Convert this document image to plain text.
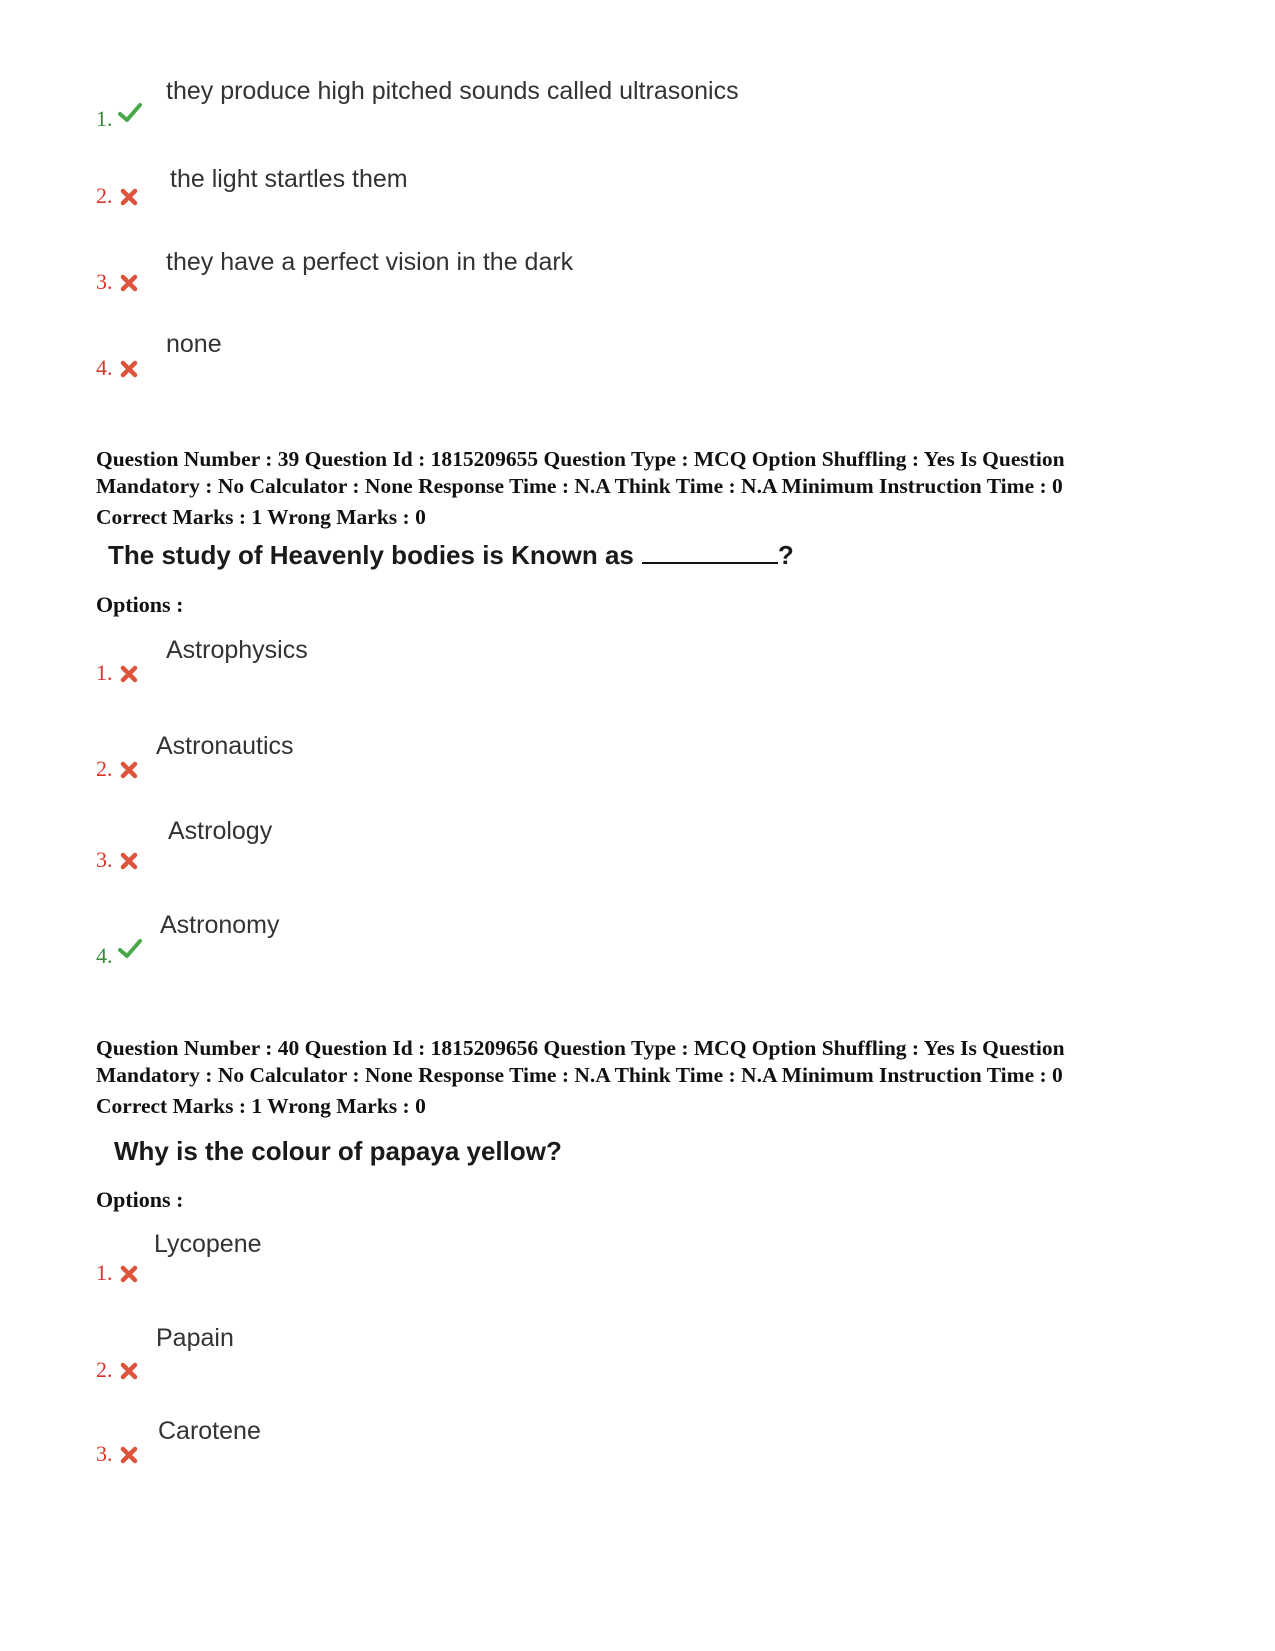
1.
they produce high pitched sounds called ultrasonics
2.
the light startles them
3.
they have a perfect vision in the dark
4.
none
Question Number : 39 Question Id : 1815209655 Question Type : MCQ Option Shuffling : Yes Is Question
Mandatory : No Calculator : None Response Time : N.A Think Time : N.A Minimum Instruction Time : 0
Correct Marks : 1 Wrong Marks : 0
The study of Heavenly bodies is Known as	?
Options :
1.
Astrophysics
2.
Astronautics
3.
Astrology
4.
Astronomy
Question Number : 40 Question Id : 1815209656 Question Type : MCQ Option Shuffling : Yes Is Question
Mandatory : No Calculator : None Response Time : N.A Think Time : N.A Minimum Instruction Time : 0
Correct Marks : 1 Wrong Marks : 0
Why is the colour of papaya yellow?
Options :
1.
Lycopene
2.
Papain
3.
Carotene
